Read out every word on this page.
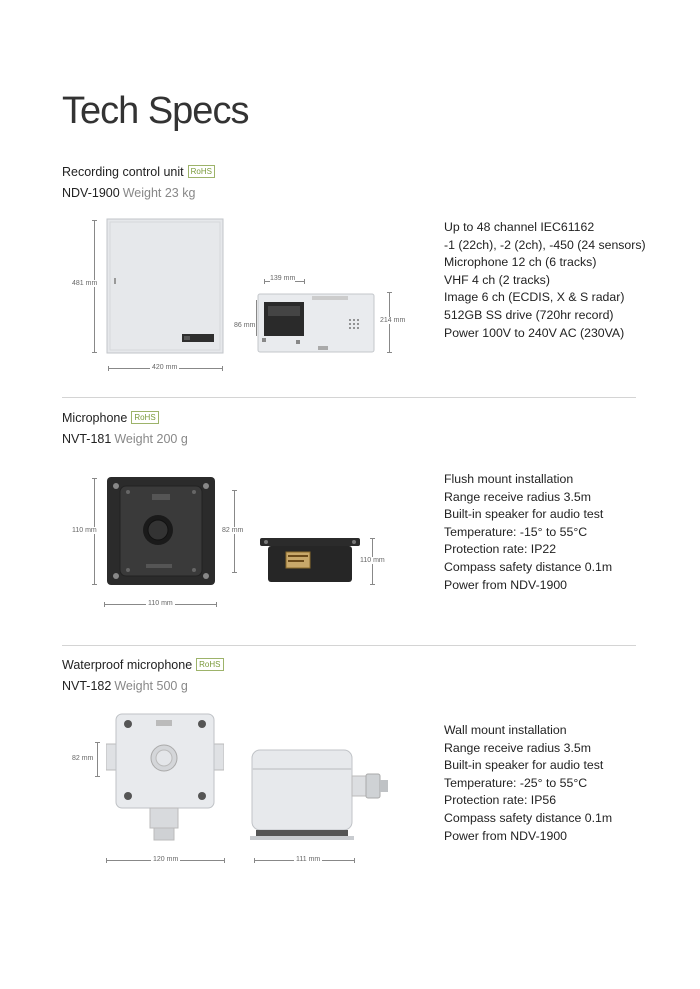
Tech Specs
Recording control unit RoHS
NDV-1900 Weight 23 kg
Up to 48 channel IEC61162
-1 (22ch), -2 (2ch), -450 (24 sensors)
Microphone 12 ch (6 tracks)
VHF 4 ch (2 tracks)
Image 6 ch (ECDIS, X & S radar)
512GB SS drive (720hr record)
Power 100V to 240V AC (230VA)
481 mm
420 mm
139 mm
86 mm
214 mm
Microphone RoHS
NVT-181 Weight 200 g
Flush mount installation
Range receive radius 3.5m
Built-in speaker for audio test
Temperature: -15° to 55°C
Protection rate: IP22
Compass safety distance 0.1m
Power from NDV-1900
110 mm	82 mm
110 mm
110 mm
Waterproof microphone RoHS
NVT-182 Weight 500 g
Wall mount installation
Range receive radius 3.5m
Built-in speaker for audio test
Temperature: -25° to 55°C
Protection rate: IP56
Compass safety distance 0.1m
Power from NDV-1900
82 mm
120 mm	111 mm
